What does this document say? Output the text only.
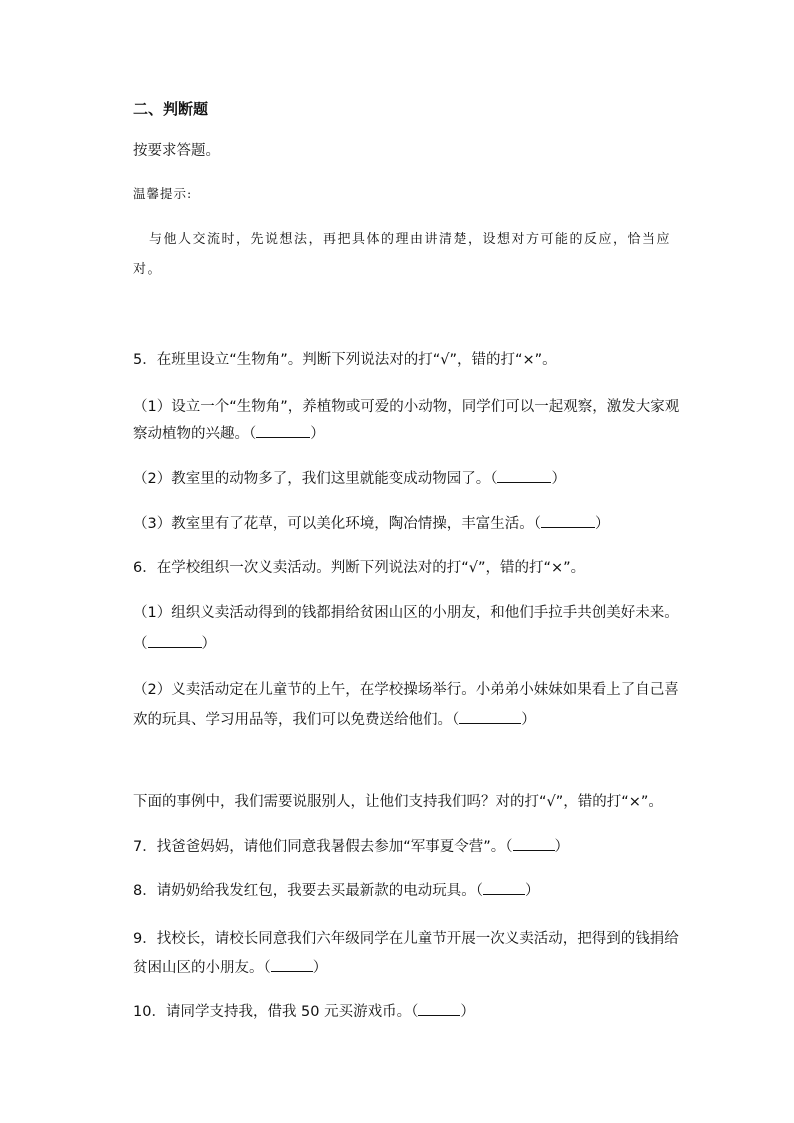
二、判断题
按要求答题。
温馨提示:
与他人交流时，先说想法，再把具体的理由讲清楚，设想对方可能的反应，恰当应
对。
5．在班里设立“生物角”。判断下列说法对的打“√”，错的打“×”。
（1）设立一个“生物角”，养植物或可爱的小动物，同学们可以一起观察，激发大家观
察动植物的兴趣。（	）
（2）教室里的动物多了，我们这里就能变成动物园了。（	）
（3）教室里有了花草，可以美化环境，陶冶情操，丰富生活。（	）
6．在学校组织一次义卖活动。判断下列说法对的打“√”，错的打“×”。
（1）组织义卖活动得到的钱都捐给贫困山区的小朋友，和他们手拉手共创美好未来。
（	）
（2）义卖活动定在儿童节的上午，在学校操场举行。小弟弟小妹妹如果看上了自己喜
欢的玩具、学习用品等，我们可以免费送给他们。（	）
下面的事例中，我们需要说服别人，让他们支持我们吗？对的打“√”，错的打“×”。
7．找爸爸妈妈，请他们同意我暑假去参加“军事夏令营”。（	）
8．请奶奶给我发红包，我要去买最新款的电动玩具。（	）
9．找校长，请校长同意我们六年级同学在儿童节开展一次义卖活动，把得到的钱捐给
贫困山区的小朋友。（	）
10．请同学支持我，借我 50 元买游戏币。（	）
